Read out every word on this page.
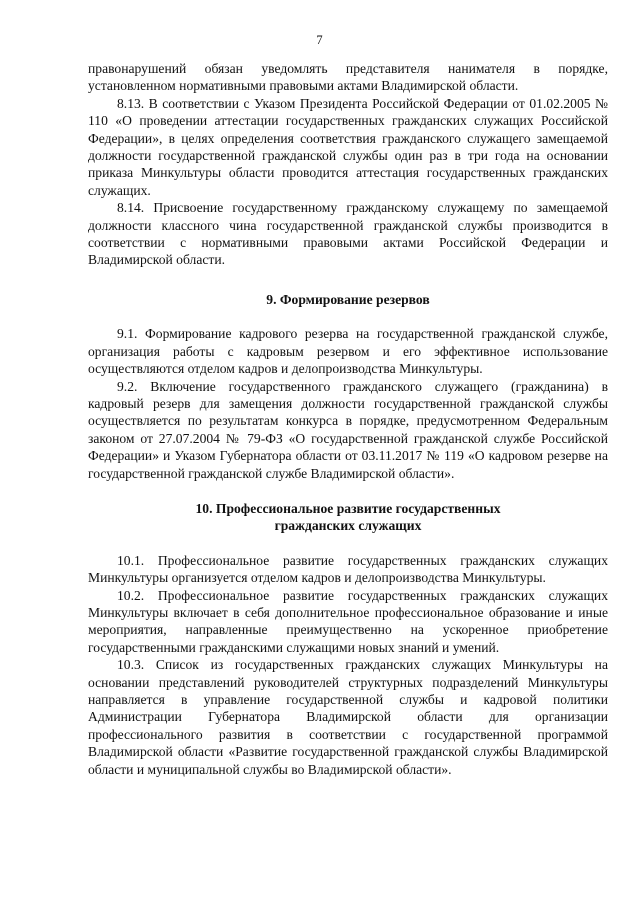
7

правонарушений обязан уведомлять представителя нанимателя в порядке, установленном нормативными правовыми актами Владимирской области.

8.13. В соответствии с Указом Президента Российской Федерации от 01.02.2005 № 110 «О проведении аттестации государственных гражданских служащих Российской Федерации», в целях определения соответствия гражданского служащего замещаемой должности государственной гражданской службы один раз в три года на основании приказа Минкультуры области проводится аттестация государственных гражданских служащих.

8.14. Присвоение государственному гражданскому служащему по замещаемой должности классного чина государственной гражданской службы производится в соответствии с нормативными правовыми актами Российской Федерации и Владимирской области.

9. Формирование резервов

9.1. Формирование кадрового резерва на государственной гражданской службе, организация работы с кадровым резервом и его эффективное использование осуществляются отделом кадров и делопроизводства Минкультуры.

9.2. Включение государственного гражданского служащего (гражданина) в кадровый резерв для замещения должности государственной гражданской службы осуществляется по результатам конкурса в порядке, предусмотренном Федеральным законом от 27.07.2004 № 79-ФЗ «О государственной гражданской службе Российской Федерации» и Указом Губернатора области от 03.11.2017 № 119 «О кадровом резерве на государственной гражданской службе Владимирской области».

10. Профессиональное развитие государственных
гражданских служащих

10.1. Профессиональное развитие государственных гражданских служащих Минкультуры организуется отделом кадров и делопроизводства Минкультуры.

10.2. Профессиональное развитие государственных гражданских служащих Минкультуры включает в себя дополнительное профессиональное образование и иные мероприятия, направленные преимущественно на ускоренное приобретение государственными гражданскими служащими новых знаний и умений.

10.3. Список из государственных гражданских служащих Минкультуры на основании представлений руководителей структурных подразделений Минкультуры направляется в управление государственной службы и кадровой политики Администрации Губернатора Владимирской области для организации профессионального развития в соответствии с государственной программой Владимирской области «Развитие государственной гражданской службы Владимирской области и муниципальной службы во Владимирской области».
